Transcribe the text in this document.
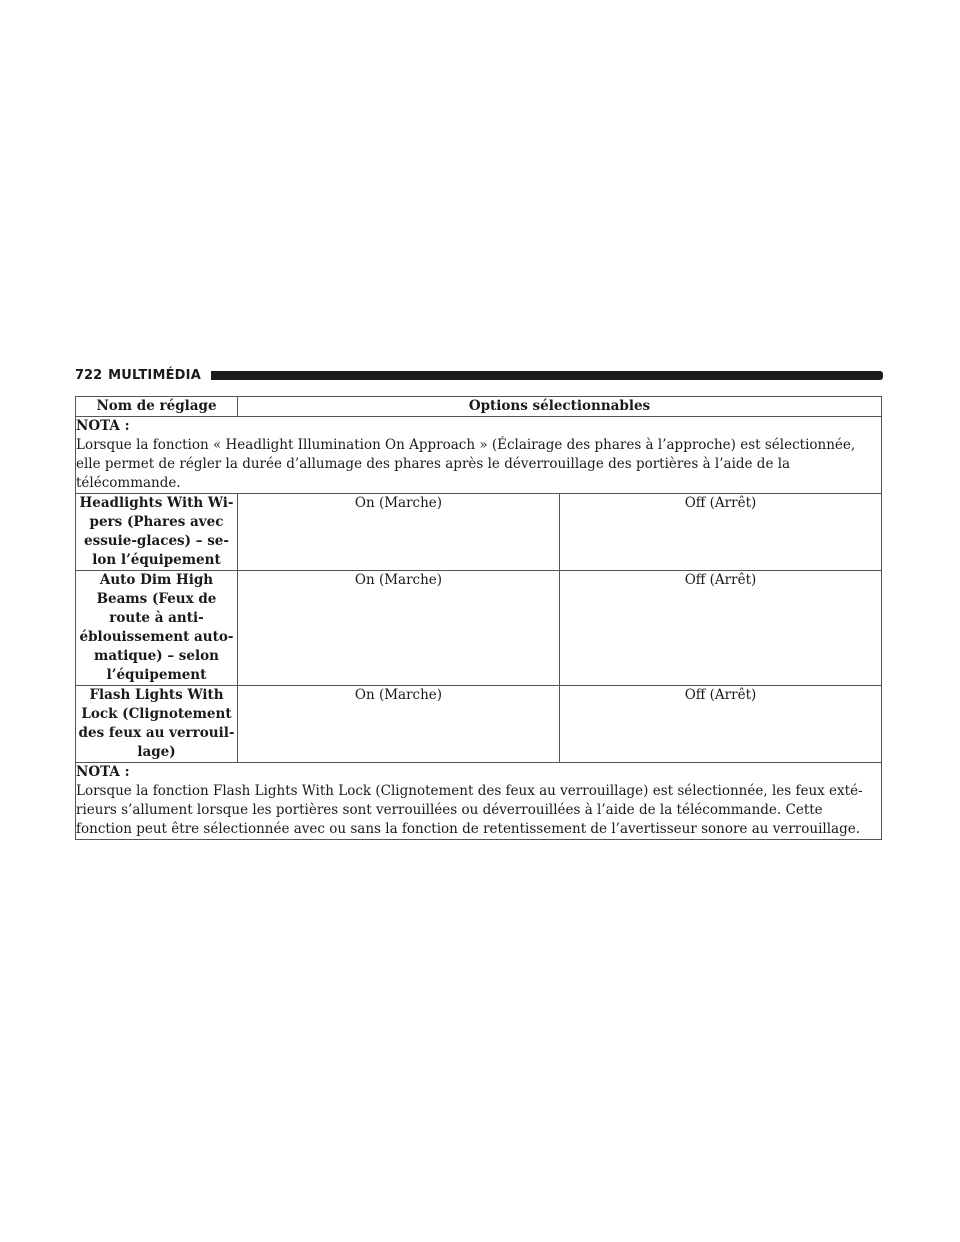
722 MULTIMÉDIA
Nom de réglage	Options sélectionnables	

NOTA :
Lorsque la fonction « Headlight Illumination On Approach » (Éclairage des phares à l’approche) est sélectionnée, elle permet de régler la durée d’allumage des phares après le déverrouillage des portières à l’aide de la télécommande.		

Headlights With Wipers (Phares avec essuie-glaces) – selon l’équipement	On (Marche)	Off (Arrêt)
Auto Dim High Beams (Feux de route à antiéblouissement automatique) – selon l’équipement	On (Marche)	Off (Arrêt)
Flash Lights With Lock (Clignotement des feux au verrouillage)	On (Marche)	Off (Arrêt)

NOTA :
Lorsque la fonction Flash Lights With Lock (Clignotement des feux au verrouillage) est sélectionnée, les feux extérieurs s’allument lorsque les portières sont verrouillées ou déverrouillées à l’aide de la télécommande. Cette fonction peut être sélectionnée avec ou sans la fonction de retentissement de l’avertisseur sonore au verrouillage.		
